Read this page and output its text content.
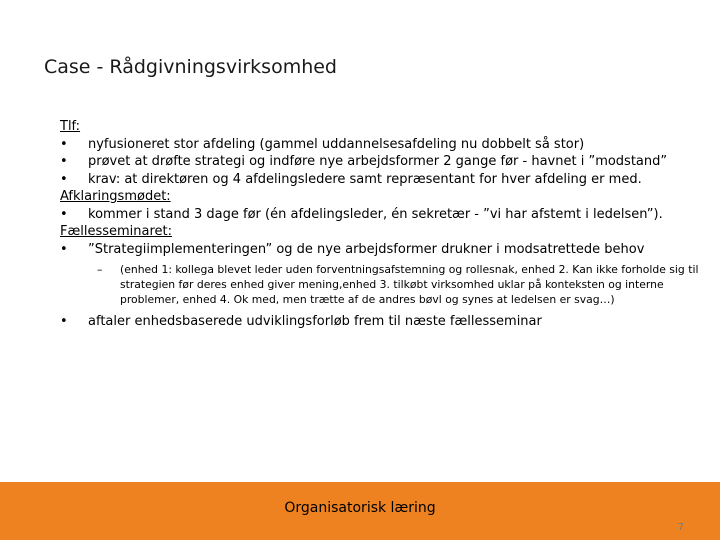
Case - Rådgivningsvirksomhed
Tlf:
• nyfusioneret stor afdeling (gammel uddannelsesafdeling nu dobbelt så stor)
• prøvet at drøfte strategi og indføre nye arbejdsformer 2 gange før - havnet i ”modstand”
• krav: at direktøren og 4 afdelingsledere samt repræsentant for hver afdeling er med.
Afklaringsmødet:
• kommer i stand 3 dage før (én afdelingsleder, én sekretær - ”vi har afstemt i ledelsen”).
Fællesseminaret:
• ”Strategiimplementeringen” og de nye arbejdsformer drukner i modsatrettede behov
– (enhed 1: kollega blevet leder uden forventningsafstemning og rollesnak, enhed 2. Kan ikke forholde sig til strategien før deres enhed giver mening,enhed 3. tilkøbt virksomhed uklar på konteksten og interne problemer, enhed 4. Ok med, men trætte af de andres bøvl og synes at ledelsen er svag…)
• aftaler enhedsbaserede udviklingsforløb frem til næste fællesseminar
Organisatorisk læring
7
